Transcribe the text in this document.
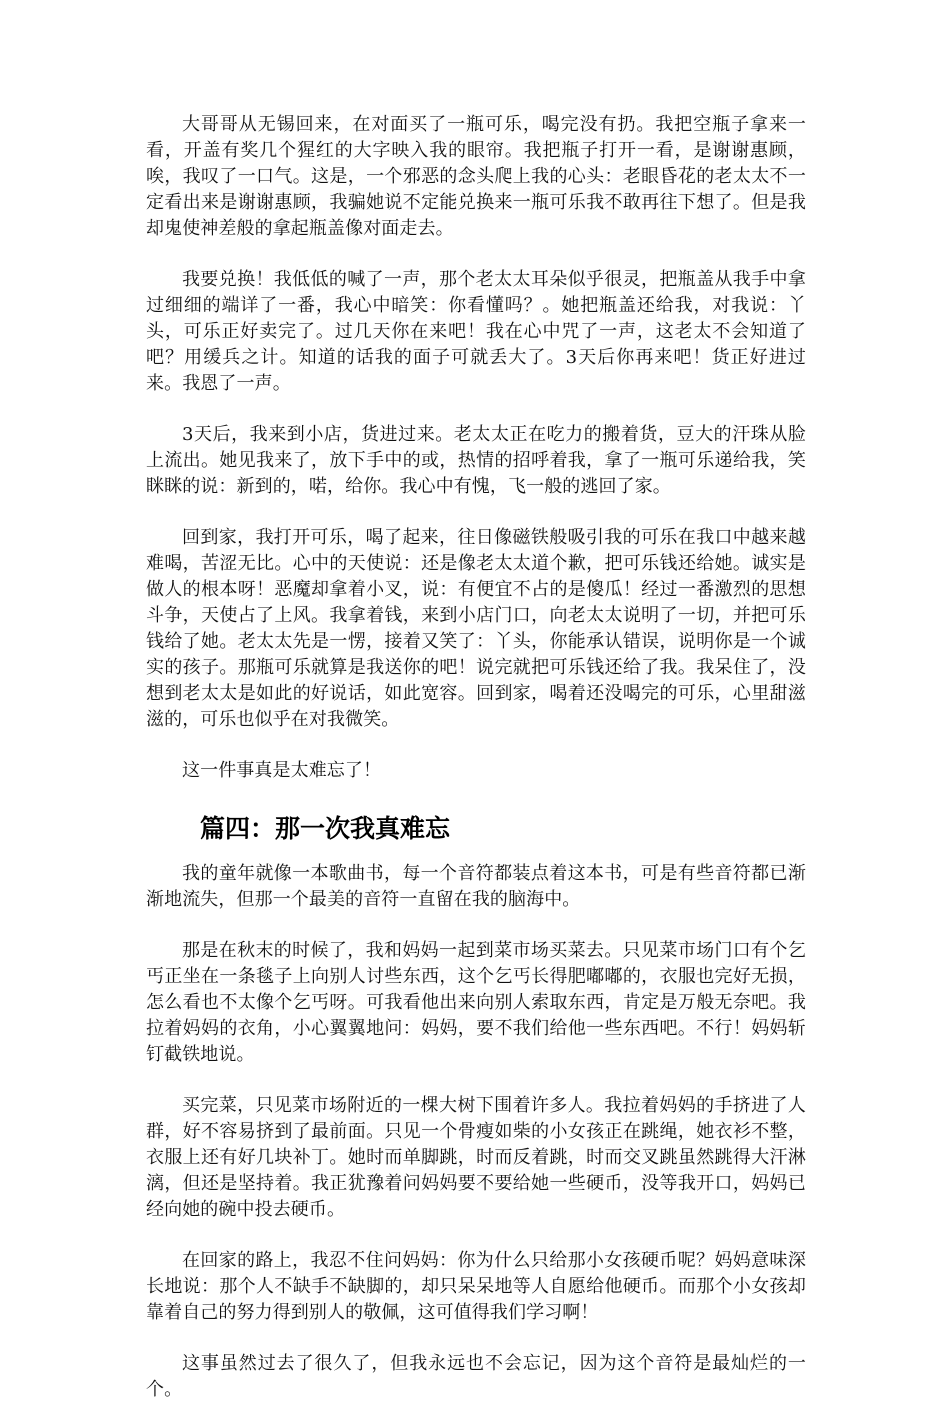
大哥哥从无锡回来，在对面买了一瓶可乐，喝完没有扔。我把空瓶子拿来一看，开盖有奖几个猩红的大字映入我的眼帘。我把瓶子打开一看，是谢谢惠顾，唉，我叹了一口气。这是，一个邪恶的念头爬上我的心头：老眼昏花的老太太不一定看出来是谢谢惠顾，我骗她说不定能兑换来一瓶可乐我不敢再往下想了。但是我却鬼使神差般的拿起瓶盖像对面走去。

我要兑换！我低低的喊了一声，那个老太太耳朵似乎很灵，把瓶盖从我手中拿过细细的端详了一番，我心中暗笑：你看懂吗？。她把瓶盖还给我，对我说：丫头，可乐正好卖完了。过几天你在来吧！我在心中咒了一声，这老太不会知道了吧？用缓兵之计。知道的话我的面子可就丢大了。3天后你再来吧！货正好进过来。我恩了一声。

3天后，我来到小店，货进过来。老太太正在吃力的搬着货，豆大的汗珠从脸上流出。她见我来了，放下手中的或，热情的招呼着我，拿了一瓶可乐递给我，笑眯眯的说：新到的，喏，给你。我心中有愧，飞一般的逃回了家。

回到家，我打开可乐，喝了起来，往日像磁铁般吸引我的可乐在我口中越来越难喝，苦涩无比。心中的天使说：还是像老太太道个歉，把可乐钱还给她。诚实是做人的根本呀！恶魔却拿着小叉，说：有便宜不占的是傻瓜！经过一番激烈的思想斗争，天使占了上风。我拿着钱，来到小店门口，向老太太说明了一切，并把可乐钱给了她。老太太先是一愣，接着又笑了：丫头，你能承认错误，说明你是一个诚实的孩子。那瓶可乐就算是我送你的吧！说完就把可乐钱还给了我。我呆住了，没想到老太太是如此的好说话，如此宽容。回到家，喝着还没喝完的可乐，心里甜滋滋的，可乐也似乎在对我微笑。

这一件事真是太难忘了！

篇四：那一次我真难忘

我的童年就像一本歌曲书，每一个音符都装点着这本书，可是有些音符都已渐渐地流失，但那一个最美的音符一直留在我的脑海中。

那是在秋末的时候了，我和妈妈一起到菜市场买菜去。只见菜市场门口有个乞丐正坐在一条毯子上向别人讨些东西，这个乞丐长得肥嘟嘟的，衣服也完好无损，怎么看也不太像个乞丐呀。可我看他出来向别人索取东西，肯定是万般无奈吧。我拉着妈妈的衣角，小心翼翼地问：妈妈，要不我们给他一些东西吧。不行！妈妈斩钉截铁地说。

买完菜，只见菜市场附近的一棵大树下围着许多人。我拉着妈妈的手挤进了人群，好不容易挤到了最前面。只见一个骨瘦如柴的小女孩正在跳绳，她衣衫不整，衣服上还有好几块补丁。她时而单脚跳，时而反着跳，时而交叉跳虽然跳得大汗淋漓，但还是坚持着。我正犹豫着问妈妈要不要给她一些硬币，没等我开口，妈妈已经向她的碗中投去硬币。

在回家的路上，我忍不住问妈妈：你为什么只给那小女孩硬币呢？妈妈意味深长地说：那个人不缺手不缺脚的，却只呆呆地等人自愿给他硬币。而那个小女孩却靠着自己的努力得到别人的敬佩，这可值得我们学习啊！

这事虽然过去了很久了，但我永远也不会忘记，因为这个音符是最灿烂的一个。
